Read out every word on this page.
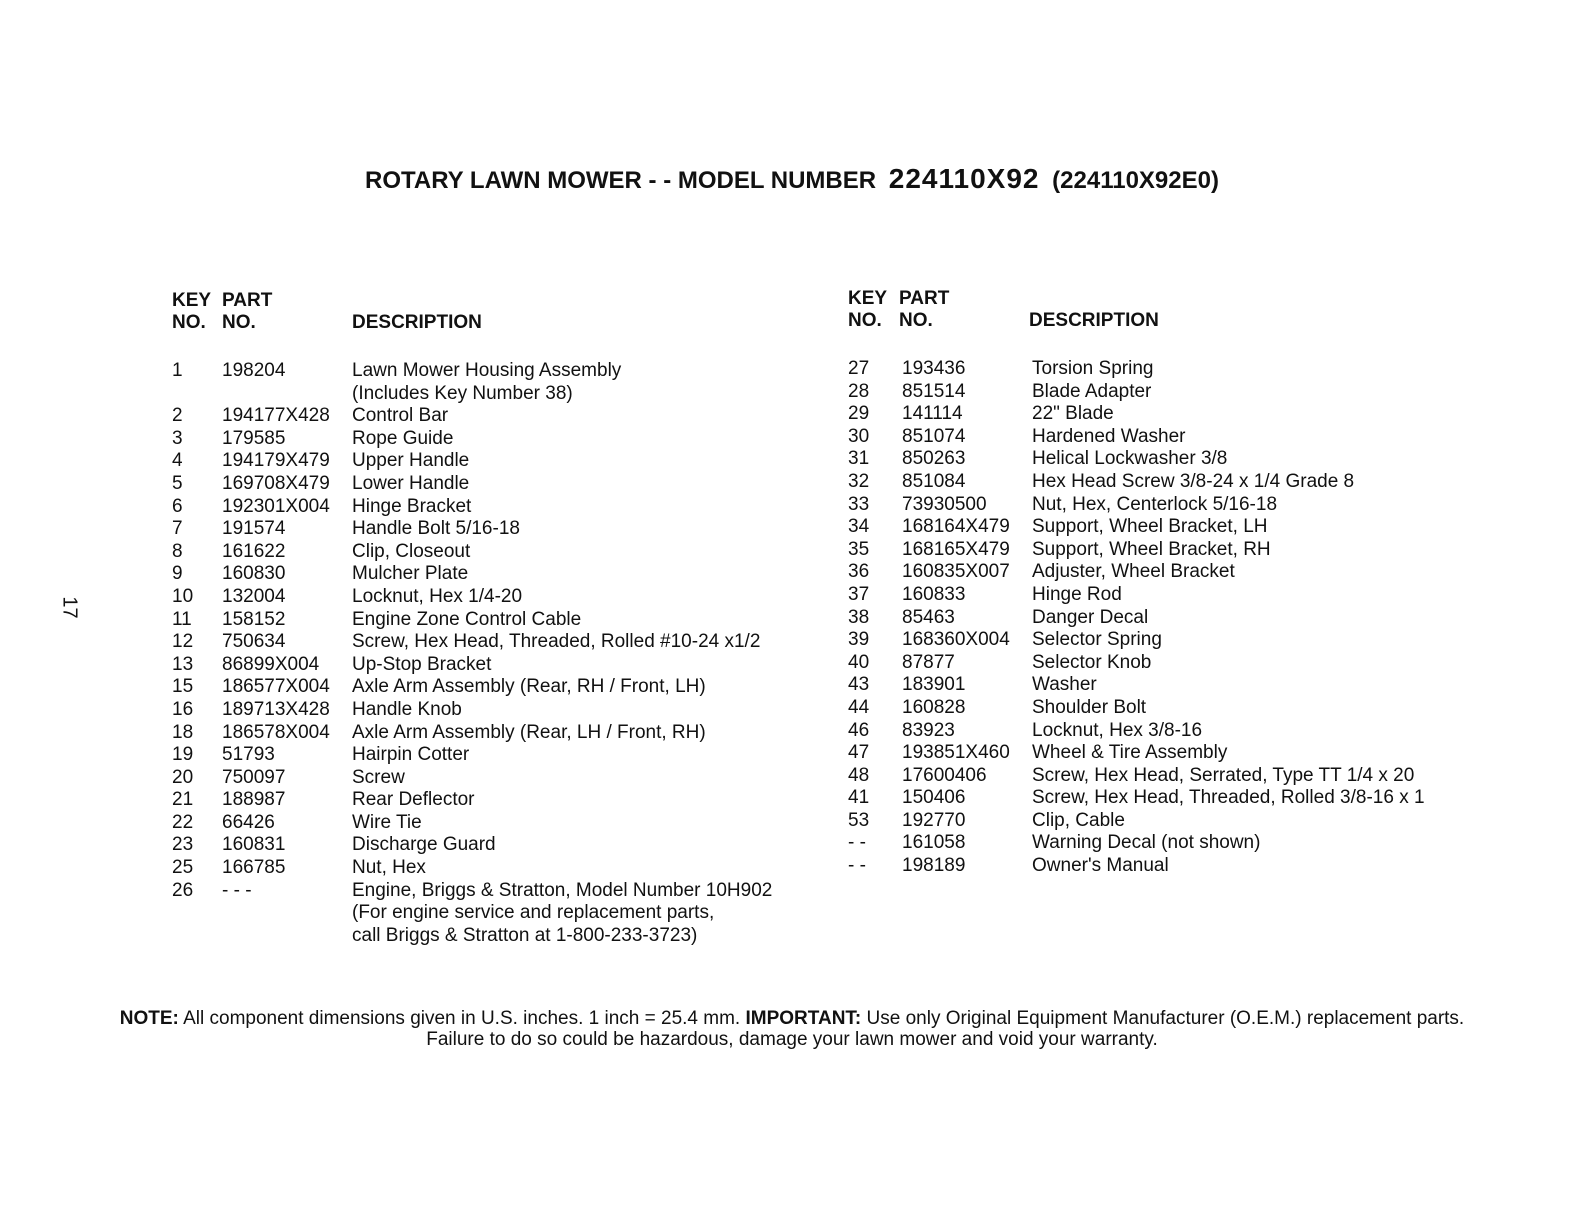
ROTARY LAWN MOWER - - MODEL NUMBER 224110X92 (224110X92E0)
17
KEY
NO.
PART
NO.	DESCRIPTION
1 198204	Lawn Mower Housing Assembly
(Includes Key Number 38)
2 194177X428 Control Bar
3 179585	Rope Guide
4 194179X479 Upper Handle
5 169708X479 Lower Handle
6 192301X004 Hinge Bracket
7 191574	Handle Bolt 5/16-18
8 161622	Clip, Closeout
9 160830	Mulcher Plate
10 132004	Locknut, Hex 1/4-20
11 158152	Engine Zone Control Cable
12 750634	Screw, Hex Head, Threaded, Rolled #10-24 x1/2
13 86899X004 Up-Stop Bracket
15 186577X004 Axle Arm Assembly (Rear, RH / Front, LH)
16 189713X428 Handle Knob
18 186578X004 Axle Arm Assembly (Rear, LH / Front, RH)
19 51793	Hairpin Cotter
20 750097	Screw
21 188987	Rear Deflector
22 66426	Wire Tie
23 160831	Discharge Guard
25 166785	Nut, Hex
26 - - -	Engine, Briggs & Stratton, Model Number 10H902
(For engine service and replacement parts,
call Briggs & Stratton at 1-800-233-3723)
KEY
NO.
PART
NO.	DESCRIPTION
27 193436	Torsion Spring
28 851514	Blade Adapter
29 141114	22" Blade
30 851074	Hardened Washer
31 850263	Helical Lockwasher 3/8
32 851084	Hex Head Screw 3/8-24 x 1/4 Grade 8
33 73930500 Nut, Hex, Centerlock 5/16-18
34 168164X479 Support, Wheel Bracket, LH
35 168165X479 Support, Wheel Bracket, RH
36 160835X007 Adjuster, Wheel Bracket
37 160833	Hinge Rod
38 85463	Danger Decal
39 168360X004 Selector Spring
40 87877	Selector Knob
43 183901	Washer
44 160828	Shoulder Bolt
46 83923	Locknut, Hex 3/8-16
47 193851X460 Wheel & Tire Assembly
48 17600406 Screw, Hex Head, Serrated, Type TT 1/4 x 20
41 150406	Screw, Hex Head, Threaded, Rolled 3/8-16 x 1
53 192770	Clip, Cable
- - 161058	Warning Decal (not shown)
- - 198189	Owner's Manual
NOTE: All component dimensions given in U.S. inches. 1 inch = 25.4 mm. IMPORTANT: Use only Original Equipment Manufacturer (O.E.M.) replacement parts.
Failure to do so could be hazardous, damage your lawn mower and void your warranty.
